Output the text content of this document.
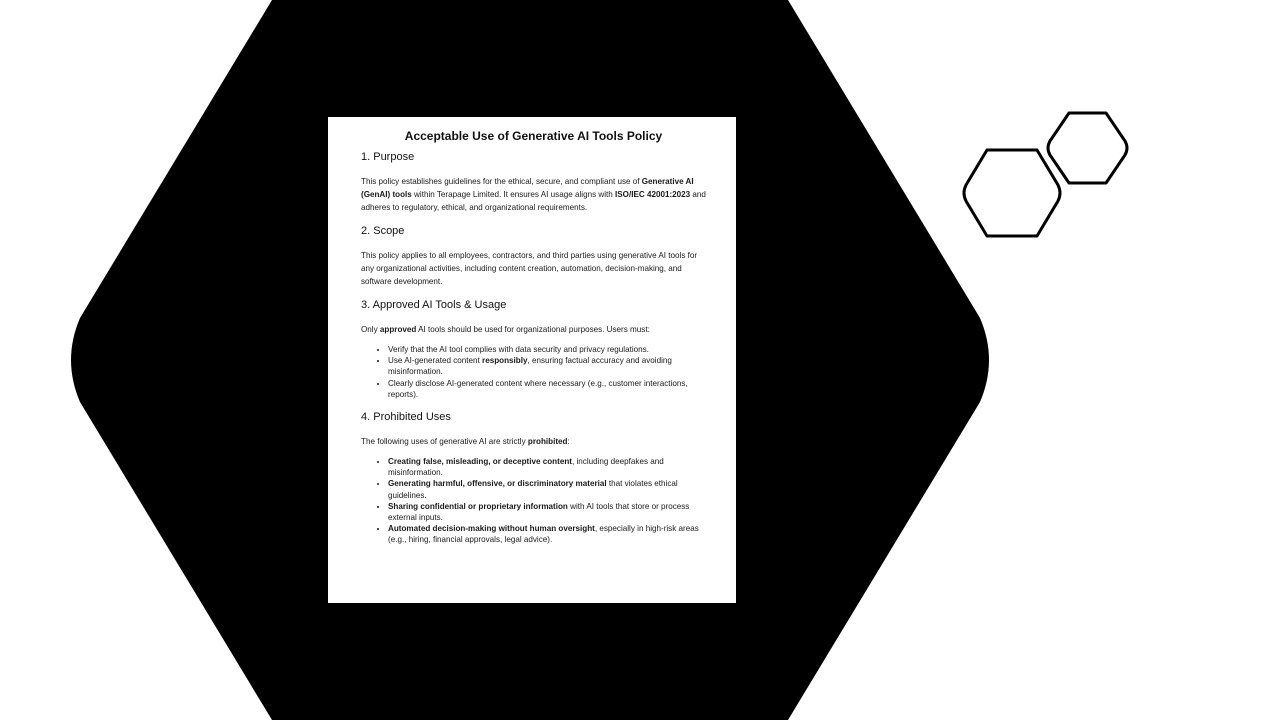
Acceptable Use of Generative AI Tools Policy
1. Purpose
This policy establishes guidelines for the ethical, secure, and compliant use of Generative AI (GenAI) tools within Terapage Limited. It ensures AI usage aligns with ISO/IEC 42001:2023 and adheres to regulatory, ethical, and organizational requirements.
2. Scope
This policy applies to all employees, contractors, and third parties using generative AI tools for any organizational activities, including content creation, automation, decision-making, and software development.
3. Approved AI Tools & Usage
Only approved AI tools should be used for organizational purposes. Users must:
• Verify that the AI tool complies with data security and privacy regulations.
• Use AI-generated content responsibly, ensuring factual accuracy and avoiding misinformation.
• Clearly disclose AI-generated content where necessary (e.g., customer interactions, reports).
4. Prohibited Uses
The following uses of generative AI are strictly prohibited:
• Creating false, misleading, or deceptive content, including deepfakes and misinformation.
• Generating harmful, offensive, or discriminatory material that violates ethical guidelines.
• Sharing confidential or proprietary information with AI tools that store or process external inputs.
• Automated decision-making without human oversight, especially in high-risk areas (e.g., hiring, financial approvals, legal advice).
